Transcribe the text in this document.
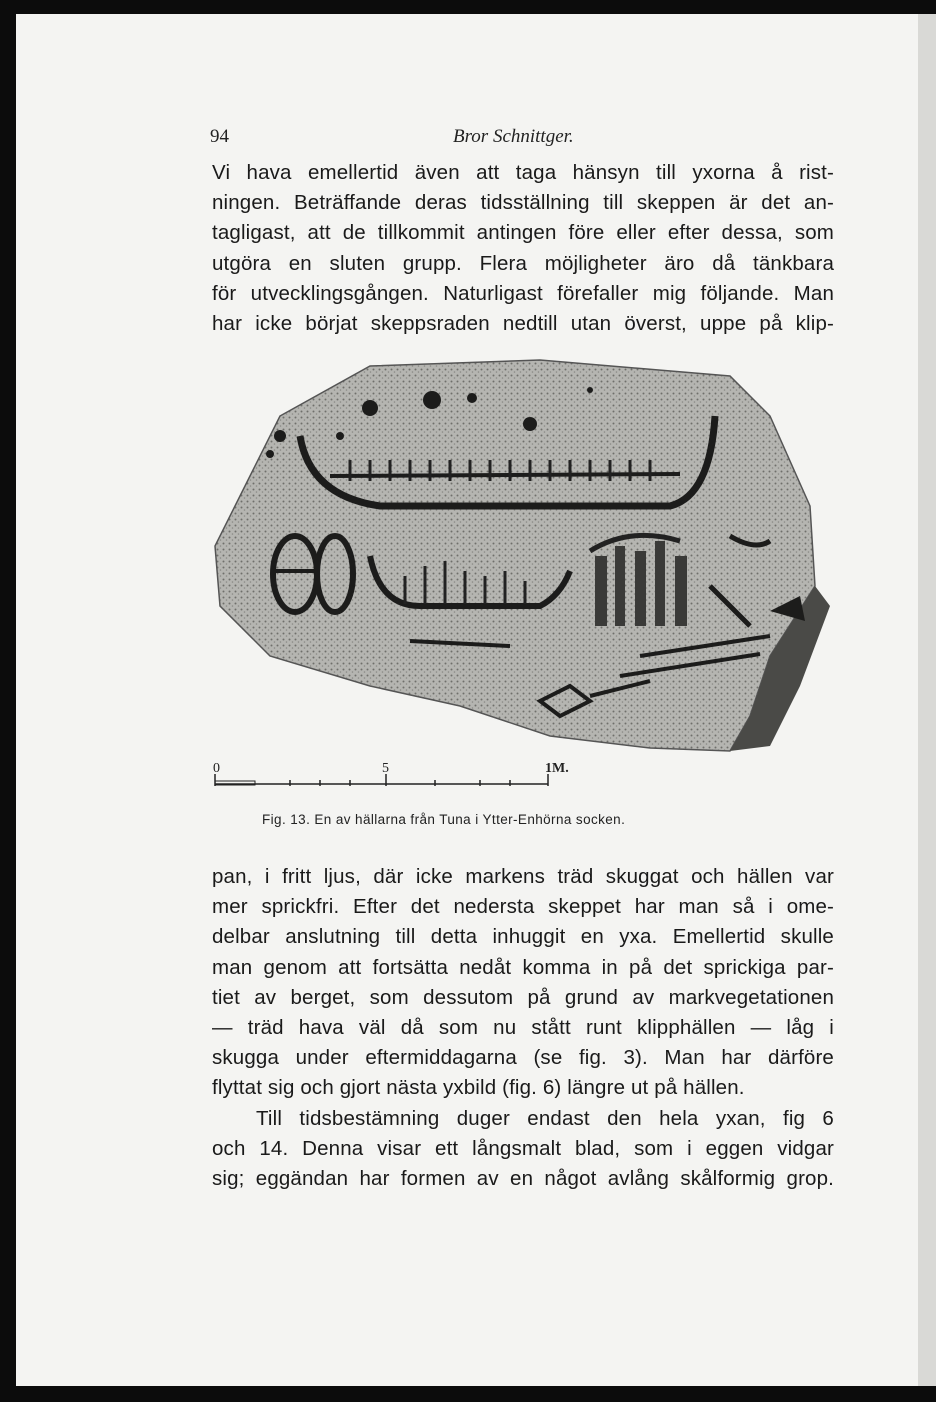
94	Bror Schnittger.
Vi hava emellertid även att taga hänsyn till yxorna å rist-
ningen. Beträffande deras tidsställning till skeppen är det an-
tagligast, att de tillkommit antingen före eller efter dessa, som
utgöra en sluten grupp. Flera möjligheter äro då tänkbara
för utvecklingsgången. Naturligast förefaller mig följande. Man
har icke börjat skeppsraden nedtill utan överst, uppe på klip-
0	5	1M.
Fig. 13. En av hällarna från Tuna i Ytter-Enhörna socken.
pan, i fritt ljus, där icke markens träd skuggat och hällen var
mer sprickfri. Efter det nedersta skeppet har man så i ome-
delbar anslutning till detta inhuggit en yxa. Emellertid skulle
man genom att fortsätta nedåt komma in på det sprickiga par-
tiet av berget, som dessutom på grund av markvegetationen
— träd hava väl då som nu stått runt klipphällen — låg i
skugga under eftermiddagarna (se fig. 3). Man har därföre
flyttat sig och gjort nästa yxbild (fig. 6) längre ut på hällen.
Till tidsbestämning duger endast den hela yxan, fig 6
och 14. Denna visar ett långsmalt blad, som i eggen vidgar
sig; eggändan har formen av en något avlång skålformig grop.
